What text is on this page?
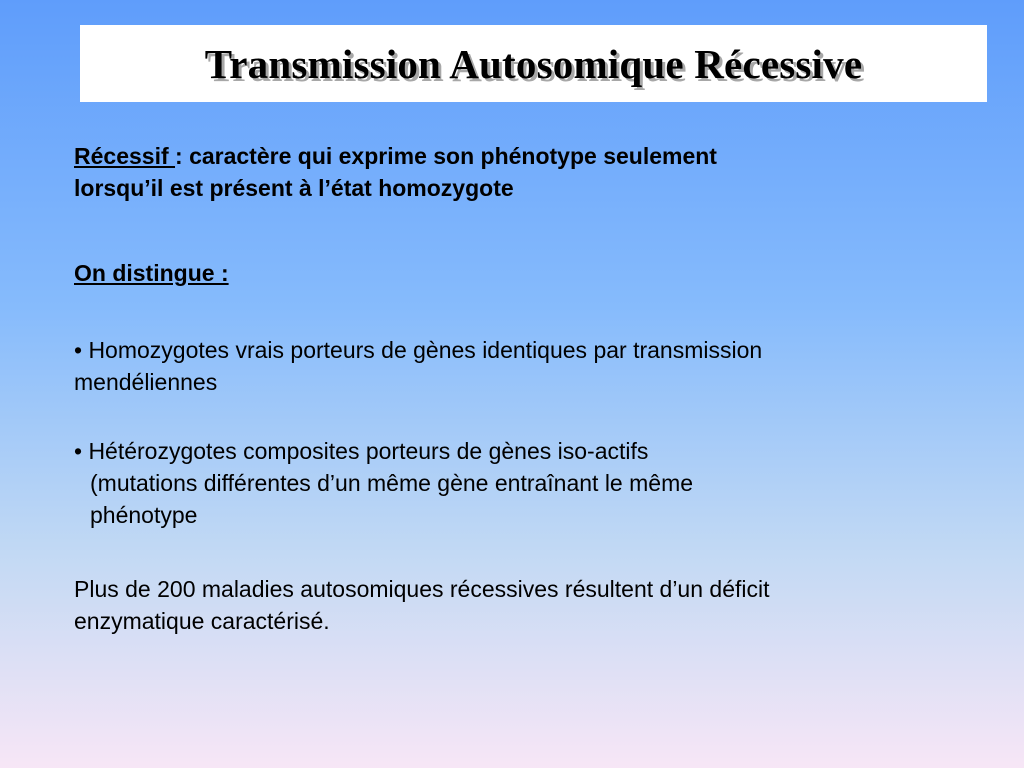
Transmission Autosomique Récessive

Récessif : caractère qui exprime son phénotype seulement
lorsqu’il est présent à l’état homozygote

On distingue :

• Homozygotes vrais porteurs de gènes identiques par transmission
mendéliennes

• Hétérozygotes composites porteurs de gènes iso-actifs
(mutations différentes d’un même gène entraînant le même
phénotype

Plus de 200 maladies autosomiques récessives résultent d’un déficit
enzymatique caractérisé.
